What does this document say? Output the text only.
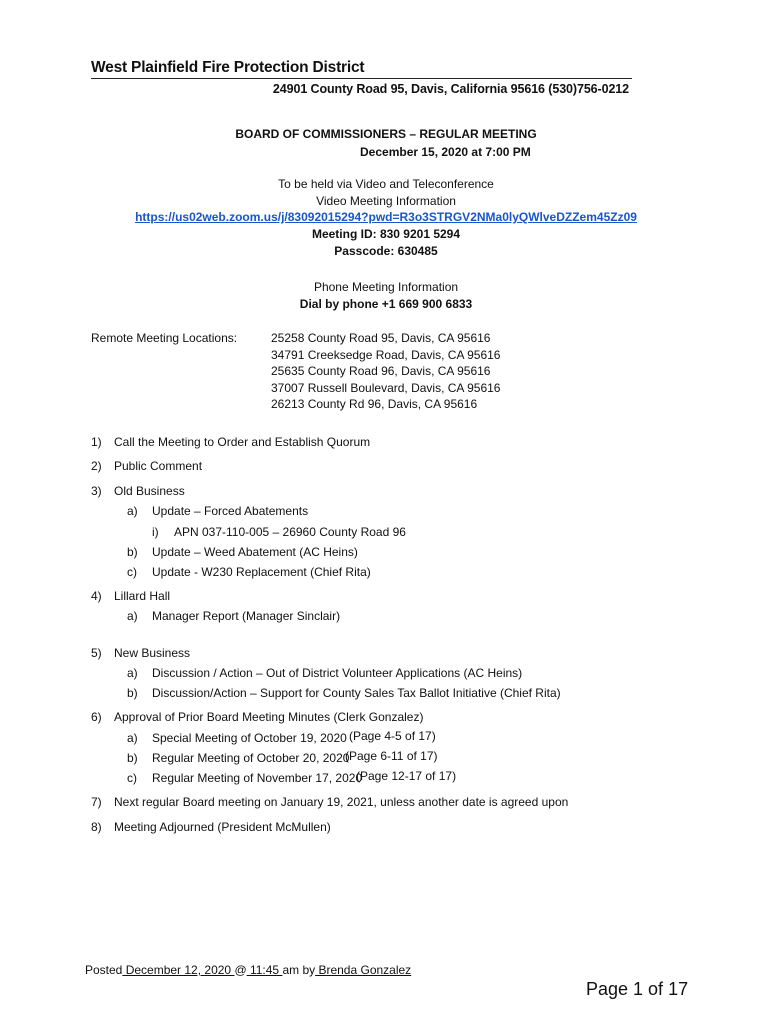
West Plainfield Fire Protection District
24901 County Road 95, Davis, California 95616 (530)756-0212
BOARD OF COMMISSIONERS – REGULAR MEETING
December 15, 2020 at 7:00 PM
To be held via Video and Teleconference
Video Meeting Information
https://us02web.zoom.us/j/83092015294?pwd=R3o3STRGV2NMa0lyQWlveDZZem45Zz09
Meeting ID: 830 9201 5294
Passcode: 630485
Phone Meeting Information
Dial by phone +1 669 900 6833
Remote Meeting Locations:	25258 County Road 95, Davis, CA 95616
34791 Creeksedge Road, Davis, CA 95616
25635 County Road 96, Davis, CA 95616
37007 Russell Boulevard, Davis, CA 95616
26213 County Rd 96, Davis, CA 95616
1) Call the Meeting to Order and Establish Quorum
2) Public Comment
3) Old Business
a) Update – Forced Abatements
i) APN 037-110-005 – 26960 County Road 96
b) Update – Weed Abatement (AC Heins)
c) Update - W230 Replacement (Chief Rita)
4) Lillard Hall
a) Manager Report (Manager Sinclair)
5) New Business
a) Discussion / Action – Out of District Volunteer Applications (AC Heins)
b) Discussion/Action – Support for County Sales Tax Ballot Initiative (Chief Rita)
6) Approval of Prior Board Meeting Minutes (Clerk Gonzalez)
a) Special Meeting of October 19, 2020 (Page 4-5 of 17)
b) Regular Meeting of October 20, 2020
(Page 6-11 of 17)
c) Regular Meeting of November 17, 2020
(Page 12-17 of 17)
7) Next regular Board meeting on January 19, 2021, unless another date is agreed upon
8) Meeting Adjourned (President McMullen)
Posted December 12, 2020 @ 11:45 am by Brenda Gonzalez
Page 1 of 17
